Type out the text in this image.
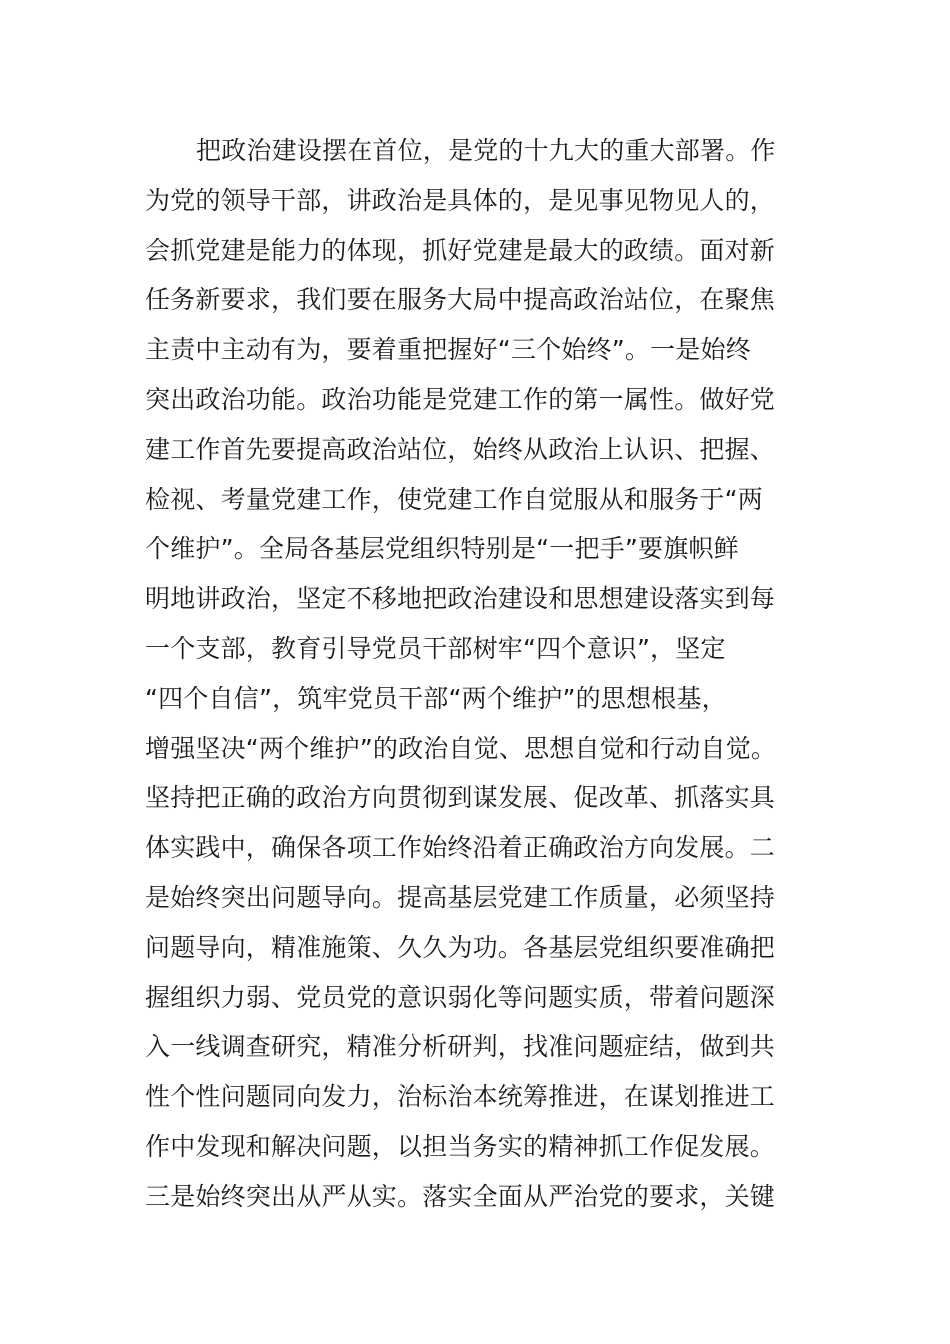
把政治建设摆在首位，是党的十九大的重大部署。作
为党的领导干部，讲政治是具体的，是见事见物见人的，
会抓党建是能力的体现，抓好党建是最大的政绩。面对新
任务新要求，我们要在服务大局中提高政治站位，在聚焦
主责中主动有为，要着重把握好“三个始终”。一是始终
突出政治功能。政治功能是党建工作的第一属性。做好党
建工作首先要提高政治站位，始终从政治上认识、把握、
检视、考量党建工作，使党建工作自觉服从和服务于“两
个维护”。全局各基层党组织特别是“一把手”要旗帜鲜
明地讲政治，坚定不移地把政治建设和思想建设落实到每
一个支部，教育引导党员干部树牢“四个意识”，坚定
“四个自信”，筑牢党员干部“两个维护”的思想根基，
增强坚决“两个维护”的政治自觉、思想自觉和行动自觉。
坚持把正确的政治方向贯彻到谋发展、促改革、抓落实具
体实践中，确保各项工作始终沿着正确政治方向发展。二
是始终突出问题导向。提高基层党建工作质量，必须坚持
问题导向，精准施策、久久为功。各基层党组织要准确把
握组织力弱、党员党的意识弱化等问题实质，带着问题深
入一线调查研究，精准分析研判，找准问题症结，做到共
性个性问题同向发力，治标治本统筹推进，在谋划推进工
作中发现和解决问题，以担当务实的精神抓工作促发展。
三是始终突出从严从实。落实全面从严治党的要求，关键
